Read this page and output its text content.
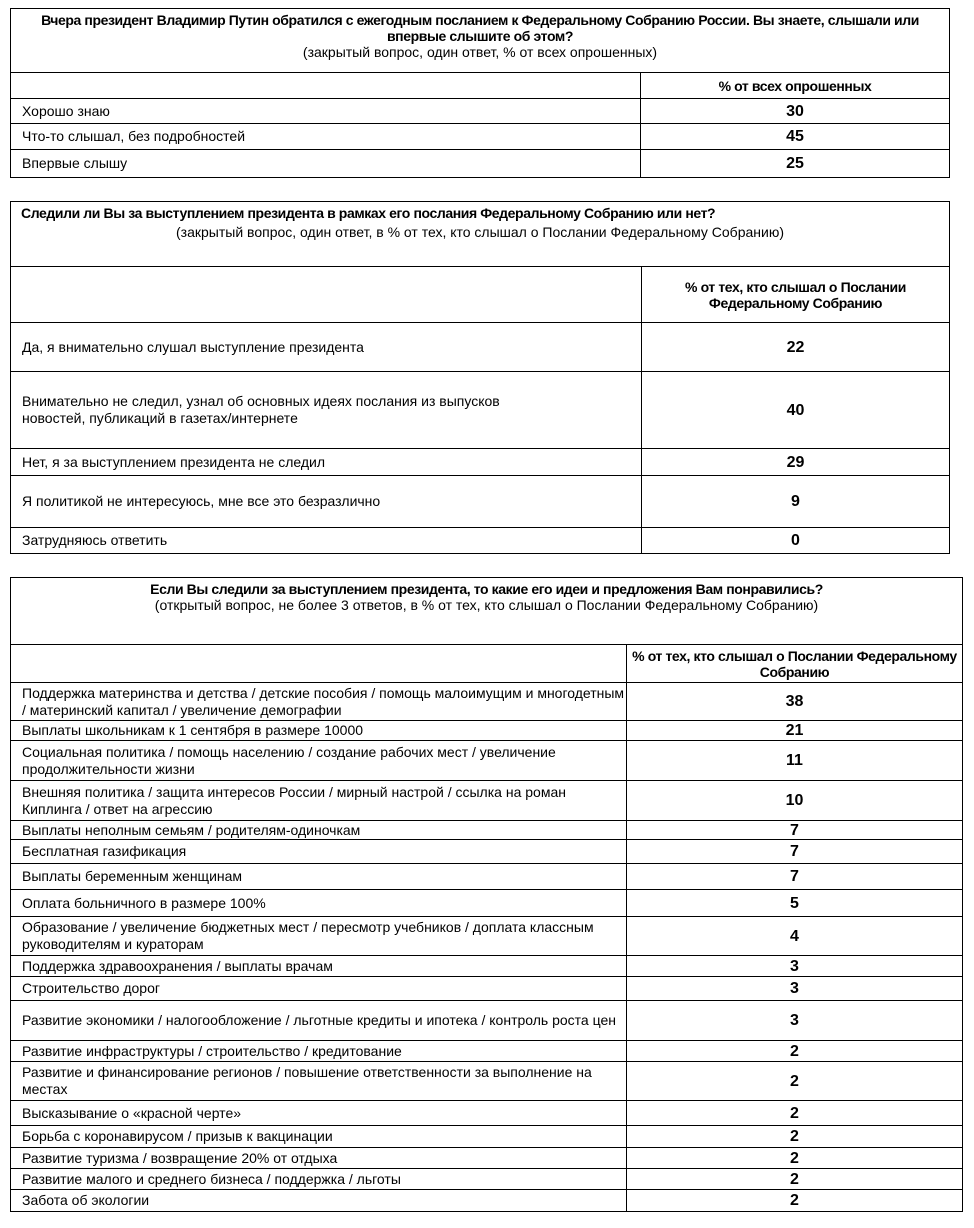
Вчера президент Владимир Путин обратился с ежегодным посланием к Федеральному Собранию России. Вы знаете, слышали или впервые слышите об этом?
(закрытый вопрос, один ответ, % от всех опрошенных)	

	% от всех опрошенных
Хорошо знаю	30
Что-то слышал, без подробностей	45
Впервые слышу	25
Следили ли Вы за выступлением президента в рамках его послания Федеральному Собранию или нет?
(закрытый вопрос, один ответ, в % от тех, кто слышал о Послании Федеральному Собранию)	

	% от тех, кто слышал о Послании Федеральному Собранию
Да, я внимательно слушал выступление президента	22
Внимательно не следил, узнал об основных идеях послания из выпусков новостей, публикаций в газетах/интернете	40
Нет, я за выступлением президента не следил	29
Я политикой не интересуюсь, мне все это безразлично	9
Затрудняюсь ответить	0
Если Вы следили за выступлением президента, то какие его идеи и предложения Вам понравились?
(открытый вопрос, не более 3 ответов, в % от тех, кто слышал о Послании Федеральному Собранию)	

	% от тех, кто слышал о Послании Федеральному Собранию
Поддержка материнства и детства / детские пособия / помощь малоимущим и многодетным / материнский капитал / увеличение демографии	38
Выплаты школьникам к 1 сентября в размере 10000	21
Социальная политика / помощь населению / создание рабочих мест / увеличение продолжительности жизни	11
Внешняя политика / защита интересов России / мирный настрой / ссылка на роман Киплинга / ответ на агрессию	10
Выплаты неполным семьям / родителям-одиночкам	7
Бесплатная газификация	7
Выплаты беременным женщинам	7
Оплата больничного в размере 100%	5
Образование / увеличение бюджетных мест / пересмотр учебников / доплата классным руководителям и кураторам	4
Поддержка здравоохранения / выплаты врачам	3
Строительство дорог	3
Развитие экономики / налогообложение / льготные кредиты и ипотека / контроль роста цен	3
Развитие инфраструктуры / строительство / кредитование	2
Развитие и финансирование регионов / повышение ответственности за выполнение на местах	2
Высказывание о «красной черте»	2
Борьба с коронавирусом / призыв к вакцинации	2
Развитие туризма / возвращение 20% от отдыха	2
Развитие малого и среднего бизнеса / поддержка / льготы	2
Забота об экологии	2
